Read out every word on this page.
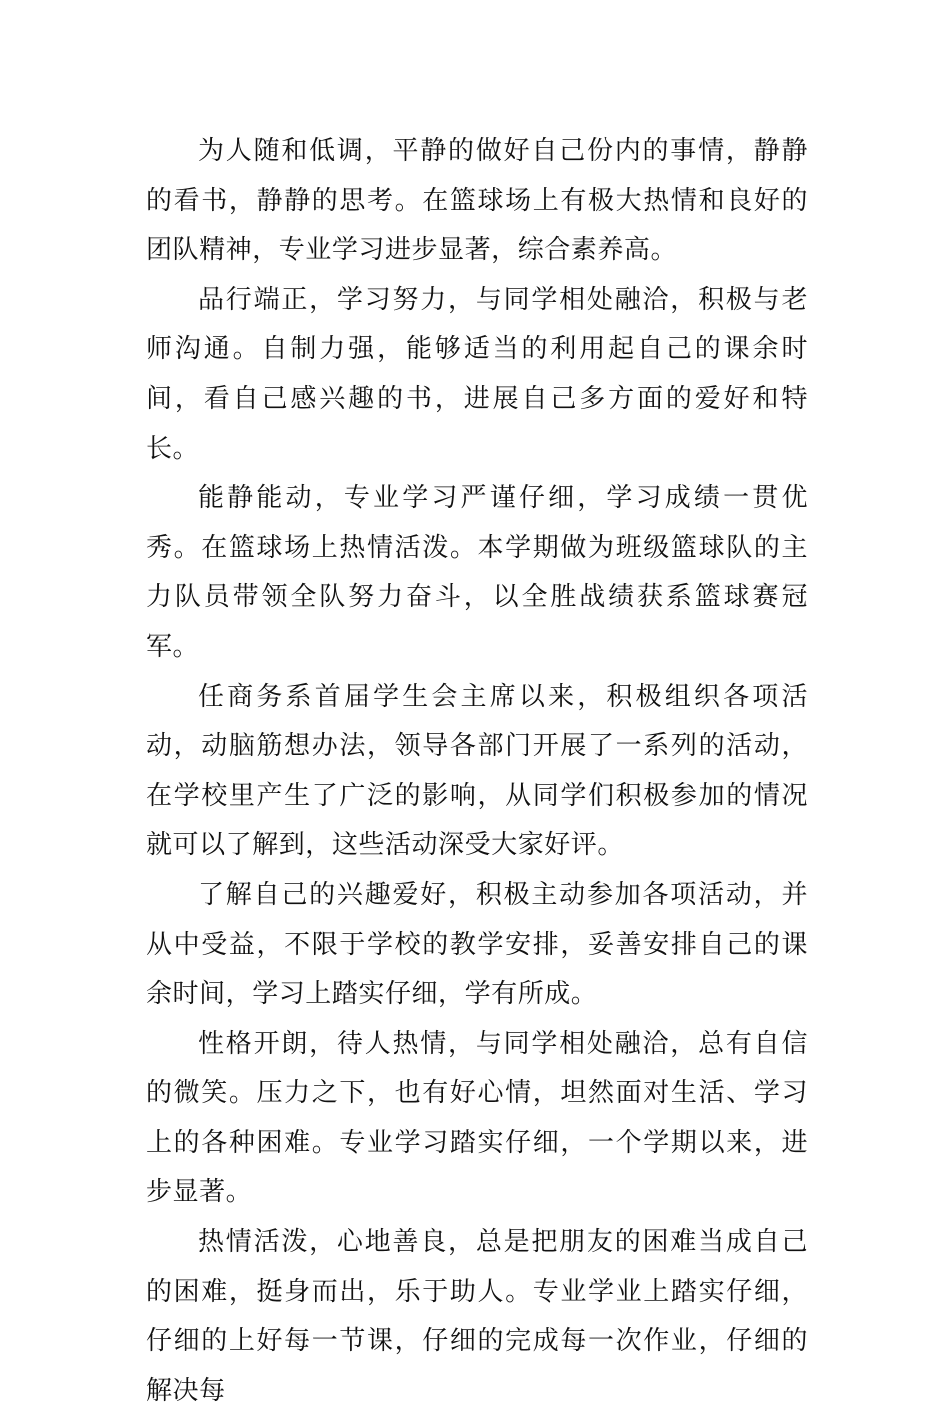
为人随和低调，平静的做好自己份内的事情，静静的看书，静静的思考。在篮球场上有极大热情和良好的团队精神，专业学习进步显著，综合素养高。

品行端正，学习努力，与同学相处融洽，积极与老师沟通。自制力强，能够适当的利用起自己的课余时间，看自己感兴趣的书，进展自己多方面的爱好和特长。

能静能动，专业学习严谨仔细，学习成绩一贯优秀。在篮球场上热情活泼。本学期做为班级篮球队的主力队员带领全队努力奋斗，以全胜战绩获系篮球赛冠军。

任商务系首届学生会主席以来，积极组织各项活动，动脑筋想办法，领导各部门开展了一系列的活动，在学校里产生了广泛的影响，从同学们积极参加的情况就可以了解到，这些活动深受大家好评。

了解自己的兴趣爱好，积极主动参加各项活动，并从中受益，不限于学校的教学安排，妥善安排自己的课余时间，学习上踏实仔细，学有所成。

性格开朗，待人热情，与同学相处融洽，总有自信的微笑。压力之下，也有好心情，坦然面对生活、学习上的各种困难。专业学习踏实仔细，一个学期以来，进步显著。

热情活泼，心地善良，总是把朋友的困难当成自己的困难，挺身而出，乐于助人。专业学业上踏实仔细，仔细的上好每一节课，仔细的完成每一次作业，仔细的解决每
